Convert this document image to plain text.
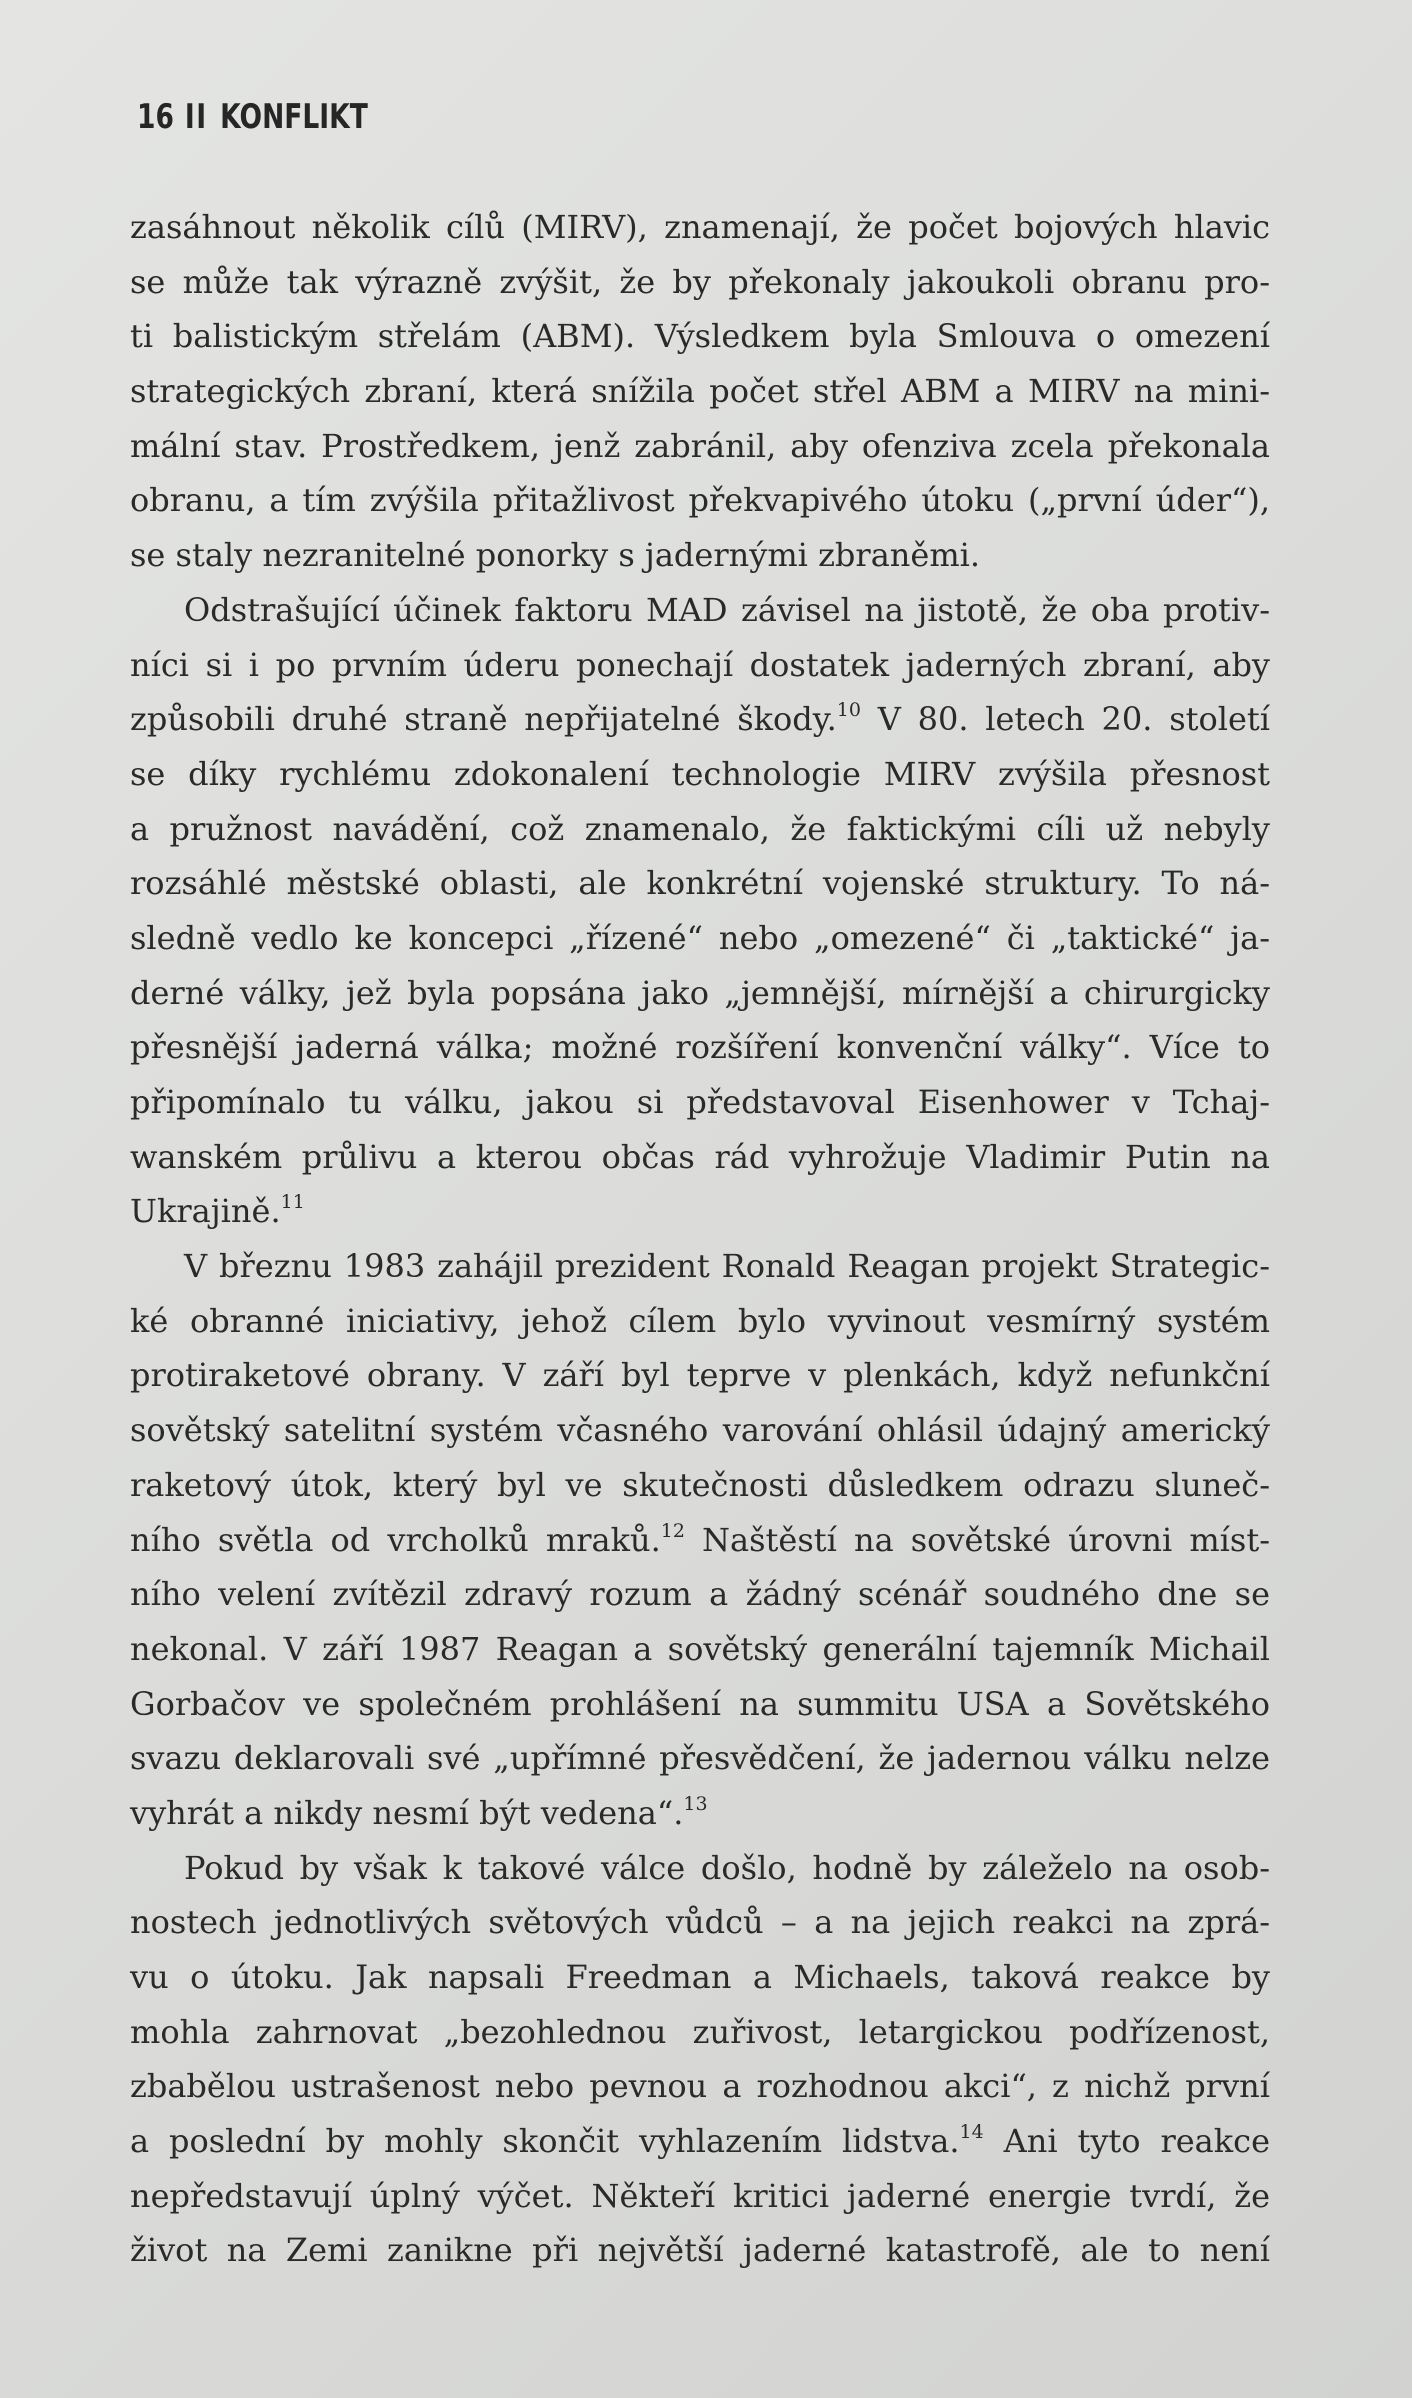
16 II KONFLIKT
zasáhnout několik cílů (MIRV), znamenají, že počet bojových hlavic
se může tak výrazně zvýšit, že by překonaly jakoukoli obranu pro-
ti balistickým střelám (ABM). Výsledkem byla Smlouva o omezení
strategických zbraní, která snížila počet střel ABM a MIRV na mini-
mální stav. Prostředkem, jenž zabránil, aby ofenziva zcela překonala
obranu, a tím zvýšila přitažlivost překvapivého útoku („první úder“),
se staly nezranitelné ponorky s jadernými zbraněmi.
Odstrašující účinek faktoru MAD závisel na jistotě, že oba protiv-
níci si i po prvním úderu ponechají dostatek jaderných zbraní, aby
způsobili druhé straně nepřijatelné škody.$^{10}$ V 80. letech 20. století
se díky rychlému zdokonalení technologie MIRV zvýšila přesnost
a pružnost navádění, což znamenalo, že faktickými cíli už nebyly
rozsáhlé městské oblasti, ale konkrétní vojenské struktury. To ná-
sledně vedlo ke koncepci „řízené“ nebo „omezené“ či „taktické“ ja-
derné války, jež byla popsána jako „jemnější, mírnější a chirurgicky
přesnější jaderná válka; možné rozšíření konvenční války“. Více to
připomínalo tu válku, jakou si představoval Eisenhower v Tchaj-
wanském průlivu a kterou občas rád vyhrožuje Vladimir Putin na
Ukrajině.$^{11}$
V březnu 1983 zahájil prezident Ronald Reagan projekt Strategic-
ké obranné iniciativy, jehož cílem bylo vyvinout vesmírný systém
protiraketové obrany. V září byl teprve v plenkách, když nefunkční
sovětský satelitní systém včasného varování ohlásil údajný americký
raketový útok, který byl ve skutečnosti důsledkem odrazu sluneč-
ního světla od vrcholků mraků.$^{12}$ Naštěstí na sovětské úrovni míst-
ního velení zvítězil zdravý rozum a žádný scénář soudného dne se
nekonal. V září 1987 Reagan a sovětský generální tajemník Michail
Gorbačov ve společném prohlášení na summitu USA a Sovětského
svazu deklarovali své „upřímné přesvědčení, že jadernou válku nelze
vyhrát a nikdy nesmí být vedena“.$^{13}$
Pokud by však k takové válce došlo, hodně by záleželo na osob-
nostech jednotlivých světových vůdců – a na jejich reakci na zprá-
vu o útoku. Jak napsali Freedman a Michaels, taková reakce by
mohla zahrnovat „bezohlednou zuřivost, letargickou podřízenost,
zbabělou ustrašenost nebo pevnou a rozhodnou akci“, z nichž první
a poslední by mohly skončit vyhlazením lidstva.$^{14}$ Ani tyto reakce
nepředstavují úplný výčet. Někteří kritici jaderné energie tvrdí, že
život na Zemi zanikne při největší jaderné katastrofě, ale to není
